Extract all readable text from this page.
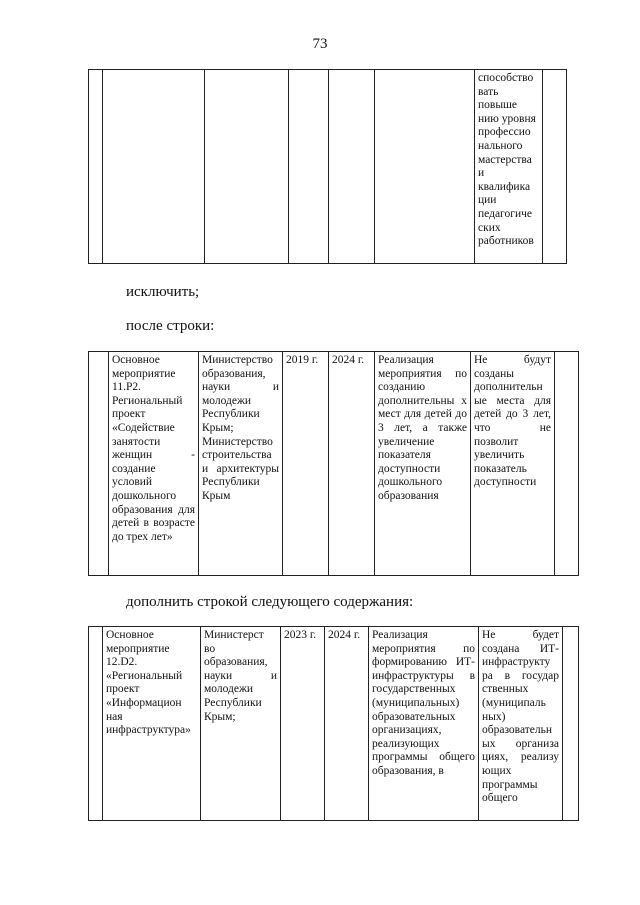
73
						способство вать повыше нию уровня профессио нального мастерства и квалифика ции педагогиче ских работников	
исключить;
после строки:
	Основное мероприятие 11.Р2. Региональный проект «Содействие занятости женщин - создание условий дошкольного образования для детей в возрасте до трех лет»	Министерство образования, науки и молодежи Республики Крым; Министерство строительства и архитектуры Республики Крым	2019 г.	2024 г.	Реализация мероприятия по созданию дополнительны х мест для детей до 3 лет, а также увеличение показателя доступности дошкольного образования	Не будут созданы дополнительн ые места для детей до 3 лет, что не позволит увеличить показатель доступности	
дополнить строкой следующего содержания:
	Основное мероприятие 12.D2. «Региональный проект «Информацион ная инфраструктура»	Министерст во образования, науки и молодежи Республики Крым;	2023 г.	2024 г.	Реализация мероприятия по формированию ИТ-инфраструктуры в государственных (муниципальных) образовательных организациях, реализующих программы общего образования, в	Не будет создана ИТ-инфраструкту ра в государ ственных (муниципаль ных) образовательн ых организа циях, реализу ющих программы общего	
